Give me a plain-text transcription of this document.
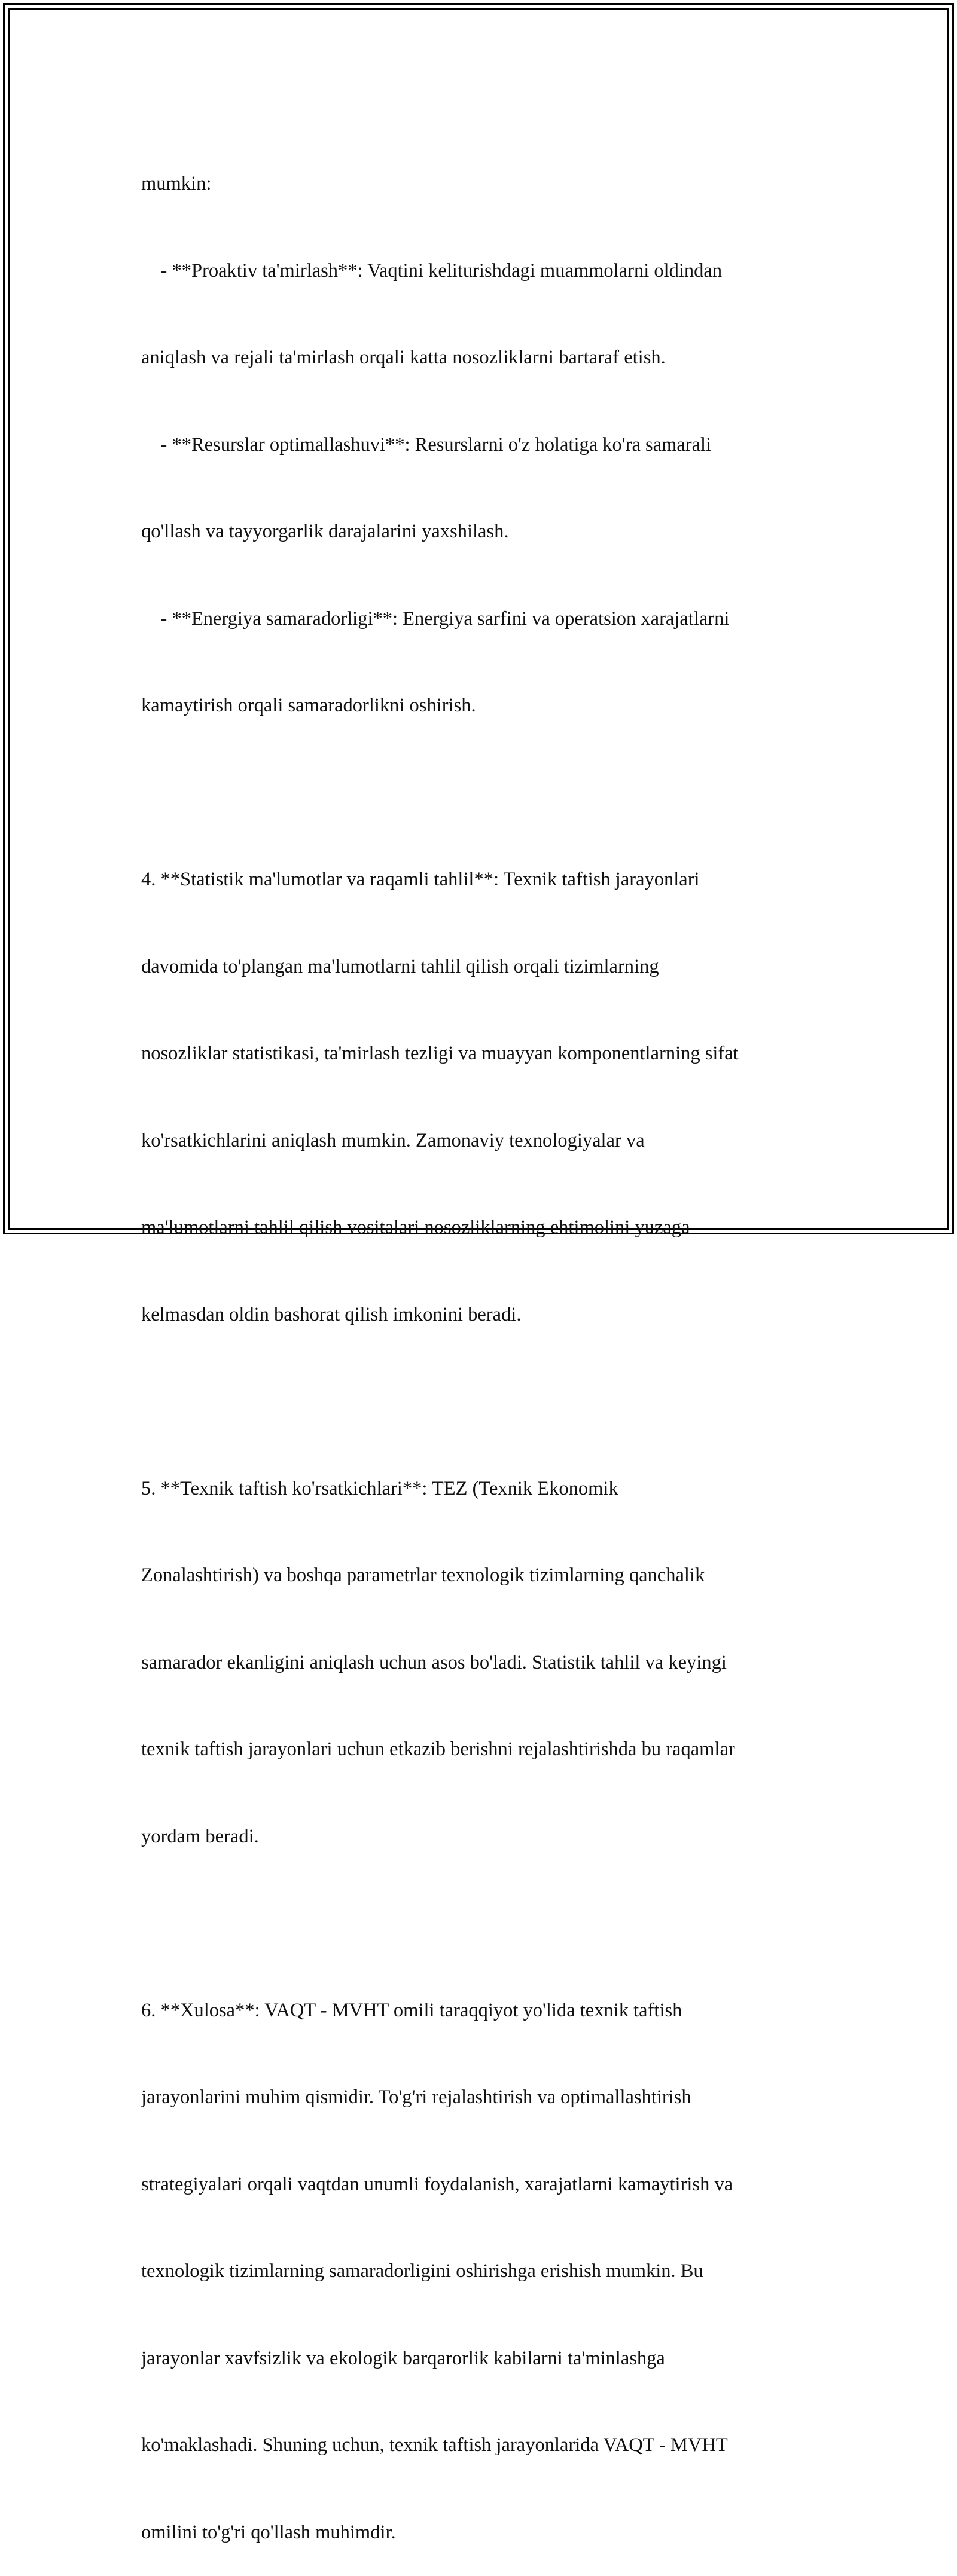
mumkin:

- **Proaktiv ta'mirlash**: Vaqtini keliturishdagi muammolarni oldindan

aniqlash va rejali ta'mirlash orqali katta nosozliklarni bartaraf etish.

- **Resurslar optimallashuvi**: Resurslarni o'z holatiga ko'ra samarali

qo'llash va tayyorgarlik darajalarini yaxshilash.

- **Energiya samaradorligi**: Energiya sarfini va operatsion xarajatlarni

kamaytirish orqali samaradorlikni oshirish.

4. **Statistik ma'lumotlar va raqamli tahlil**: Texnik taftish jarayonlari

davomida to'plangan ma'lumotlarni tahlil qilish orqali tizimlarning

nosozliklar statistikasi, ta'mirlash tezligi va muayyan komponentlarning sifat

ko'rsatkichlarini aniqlash mumkin. Zamonaviy texnologiyalar va

ma'lumotlarni tahlil qilish vositalari nosozliklarning ehtimolini yuzaga

kelmasdan oldin bashorat qilish imkonini beradi.

5. **Texnik taftish ko'rsatkichlari**: TEZ (Texnik Ekonomik

Zonalashtirish) va boshqa parametrlar texnologik tizimlarning qanchalik

samarador ekanligini aniqlash uchun asos bo'ladi. Statistik tahlil va keyingi

texnik taftish jarayonlari uchun etkazib berishni rejalashtirishda bu raqamlar

yordam beradi.

6. **Xulosa**: VAQT - MVHT omili taraqqiyot yo'lida texnik taftish

jarayonlarini muhim qismidir. To'g'ri rejalashtirish va optimallashtirish

strategiyalari orqali vaqtdan unumli foydalanish, xarajatlarni kamaytirish va

texnologik tizimlarning samaradorligini oshirishga erishish mumkin. Bu

jarayonlar xavfsizlik va ekologik barqarorlik kabilarni ta'minlashga

ko'maklashadi. Shuning uchun, texnik taftish jarayonlarida VAQT - MVHT

omilini to'g'ri qo'llash muhimdir.
